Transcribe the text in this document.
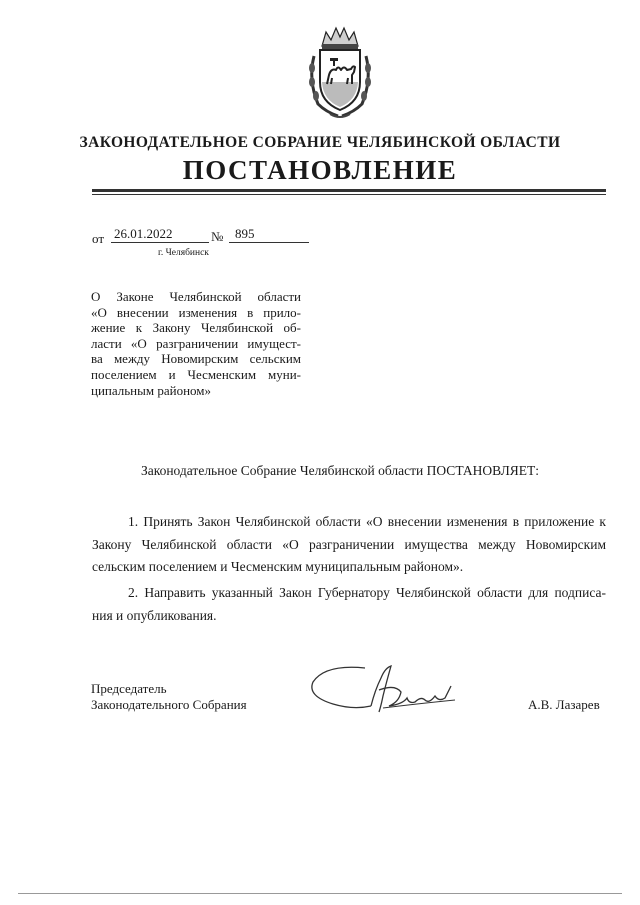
ЗАКОНОДАТЕЛЬНОЕ СОБРАНИЕ ЧЕЛЯБИНСКОЙ ОБЛАСТИ
ПОСТАНОВЛЕНИЕ
от 26.01.2022	№ 895
г. Челябинск
О Законе Челябинской области
«О внесении изменения в прило-
жение к Закону Челябинской об-
ласти «О разграничении имущест-
ва между Новомирским сельским
поселением и Чесменским муни-
ципальным районом»
Законодательное Собрание Челябинской области ПОСТАНОВЛЯЕТ:
1. Принять Закон Челябинской области «О внесении изменения в приложение к
Закону Челябинской области «О разграничении имущества между Новомирским
сельским поселением и Чесменским муниципальным районом».
2. Направить указанный Закон Губернатору Челябинской области для подписа-
ния и опубликования.
Председатель
Законодательного Собрания	А.В. Лазарев
